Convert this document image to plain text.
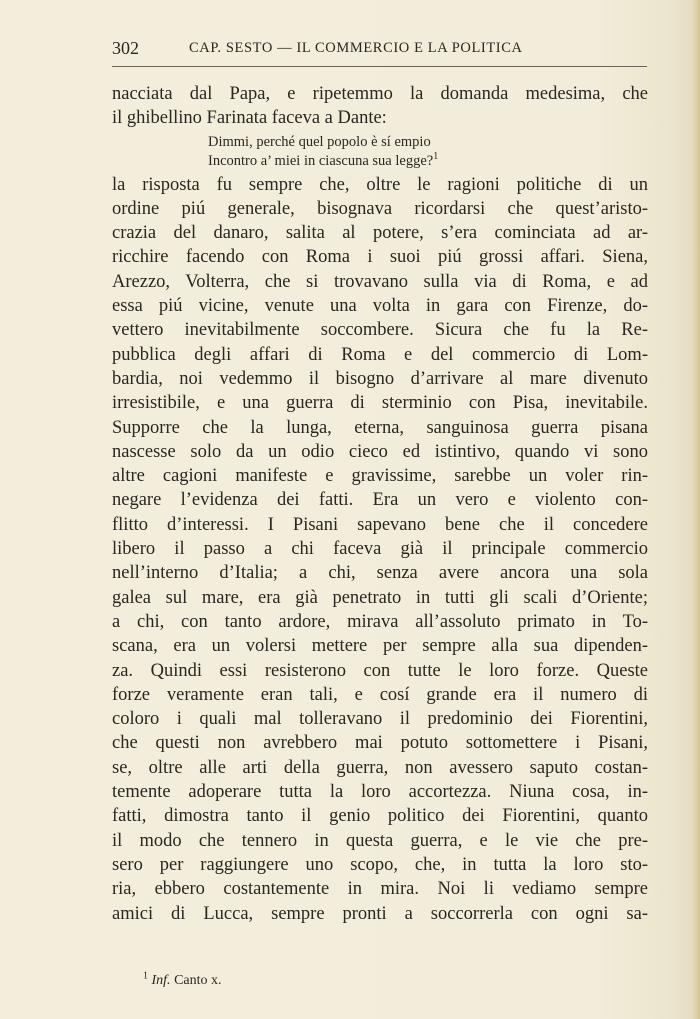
302	CAP. SESTO — IL COMMERCIO E LA POLITICA
nacciata dal Papa, e ripetemmo la domanda medesima, che
il ghibellino Farinata faceva a Dante:
Dimmi, perché quel popolo è sí empio
Incontro a’ miei in ciascuna sua legge?$^1$
la risposta fu sempre che, oltre le ragioni politiche di un
ordine piú generale, bisognava ricordarsi che quest’aristo-
crazia del danaro, salita al potere, s’era cominciata ad ar-
ricchire facendo con Roma i suoi piú grossi affari. Siena,
Arezzo, Volterra, che si trovavano sulla via di Roma, e ad
essa piú vicine, venute una volta in gara con Firenze, do-
vettero inevitabilmente soccombere. Sicura che fu la Re-
pubblica degli affari di Roma e del commercio di Lom-
bardia, noi vedemmo il bisogno d’arrivare al mare divenuto
irresistibile, e una guerra di sterminio con Pisa, inevitabile.
Supporre che la lunga, eterna, sanguinosa guerra pisana
nascesse solo da un odio cieco ed istintivo, quando vi sono
altre cagioni manifeste e gravissime, sarebbe un voler rin-
negare l’evidenza dei fatti. Era un vero e violento con-
flitto d’interessi. I Pisani sapevano bene che il concedere
libero il passo a chi faceva già il principale commercio
nell’interno d’Italia; a chi, senza avere ancora una sola
galea sul mare, era già penetrato in tutti gli scali d’Oriente;
a chi, con tanto ardore, mirava all’assoluto primato in To-
scana, era un volersi mettere per sempre alla sua dipenden-
za. Quindi essi resisterono con tutte le loro forze. Queste
forze veramente eran tali, e cosí grande era il numero di
coloro i quali mal tolleravano il predominio dei Fiorentini,
che questi non avrebbero mai potuto sottomettere i Pisani,
se, oltre alle arti della guerra, non avessero saputo costan-
temente adoperare tutta la loro accortezza. Niuna cosa, in-
fatti, dimostra tanto il genio politico dei Fiorentini, quanto
il modo che tennero in questa guerra, e le vie che pre-
sero per raggiungere uno scopo, che, in tutta la loro sto-
ria, ebbero costantemente in mira. Noi li vediamo sempre
amici di Lucca, sempre pronti a soccorrerla con ogni sa-
$^1$ Inf. Canto x.
